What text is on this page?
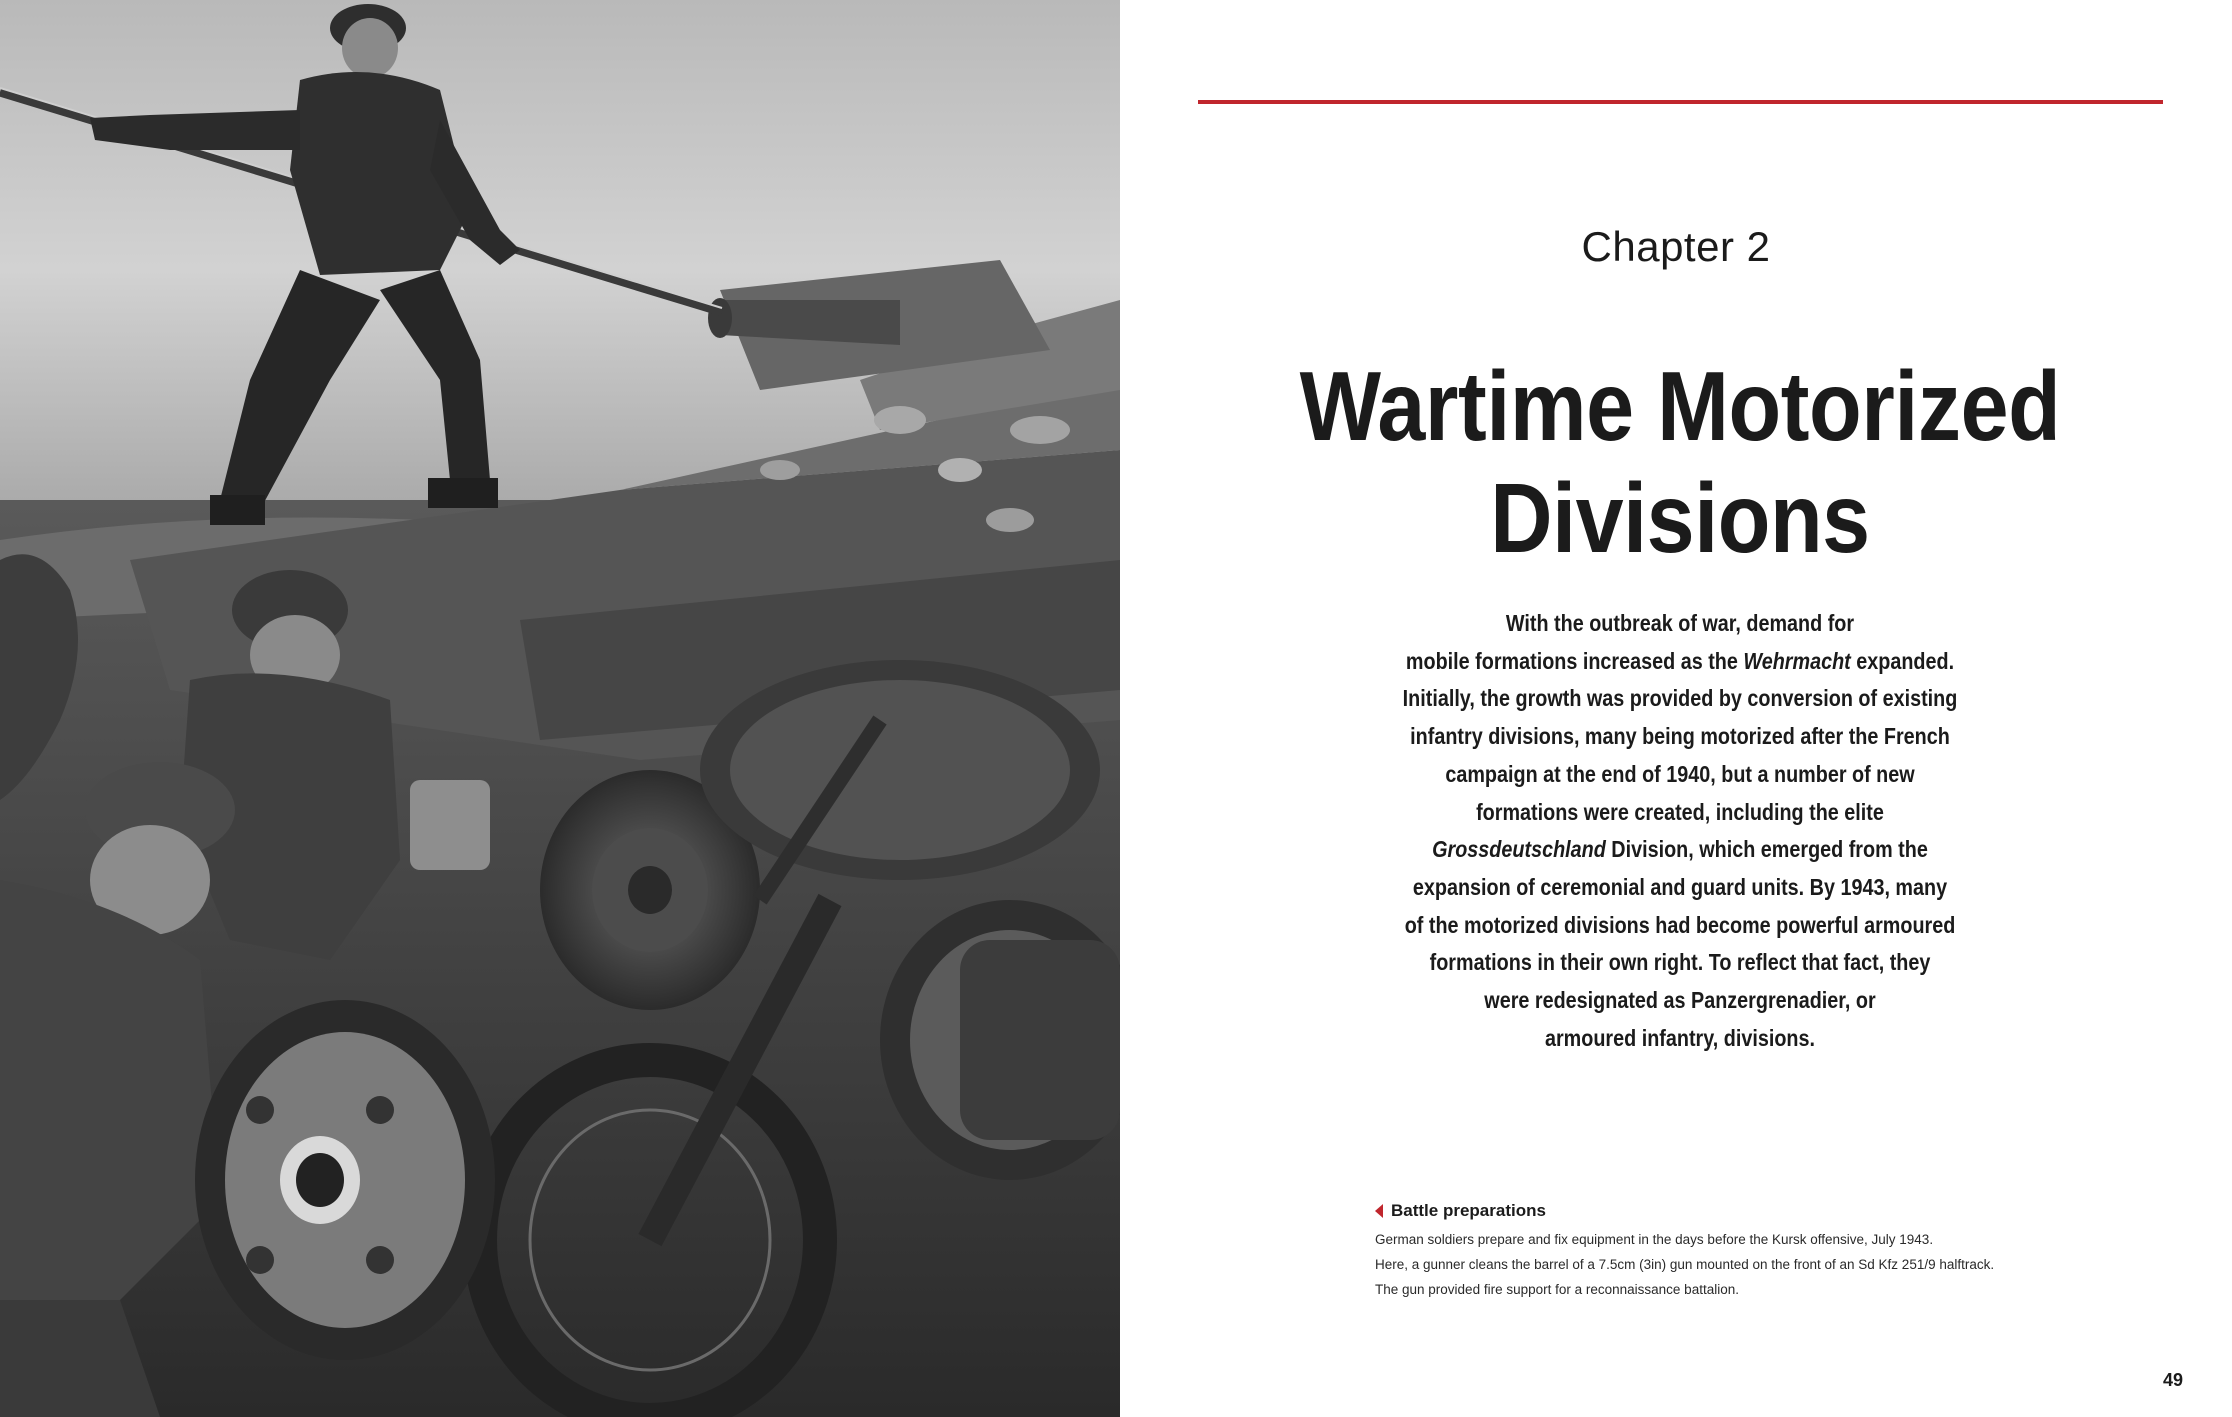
Chapter 2
Wartime Motorized
Divisions
With the outbreak of war, demand for
mobile formations increased as the Wehrmacht expanded.
Initially, the growth was provided by conversion of existing
infantry divisions, many being motorized after the French
campaign at the end of 1940, but a number of new
formations were created, including the elite
Grossdeutschland Division, which emerged from the
expansion of ceremonial and guard units. By 1943, many
of the motorized divisions had become powerful armoured
formations in their own right. To reflect that fact, they
were redesignated as Panzergrenadier, or
armoured infantry, divisions.
Battle preparations
German soldiers prepare and fix equipment in the days before the Kursk offensive, July 1943.
Here, a gunner cleans the barrel of a 7.5cm (3in) gun mounted on the front of an Sd Kfz 251/9 halftrack.
The gun provided fire support for a reconnaissance battalion.
49
